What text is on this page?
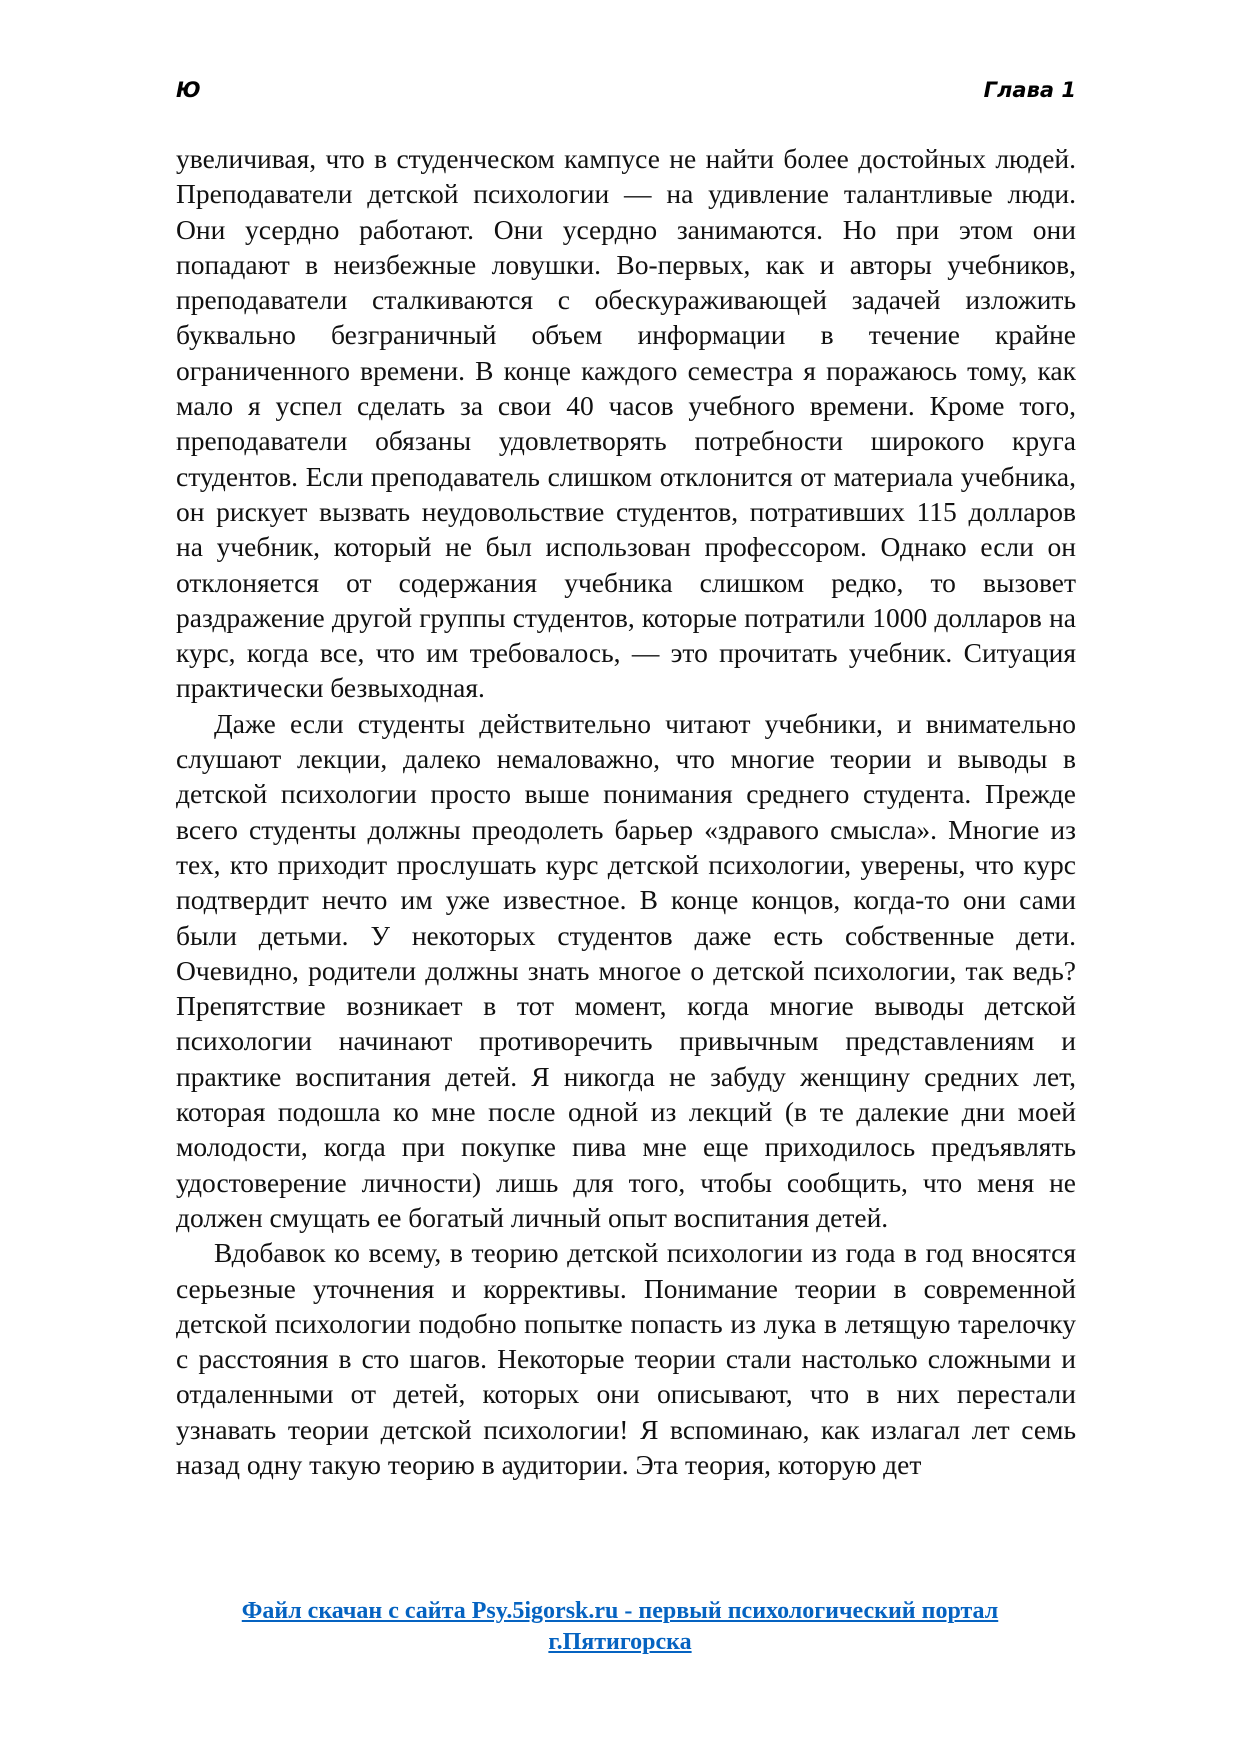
Ю	Глава 1

увеличивая, что в студенческом кампусе не найти более достойных людей. Преподаватели детской психологии — на удивление талантливые люди. Они усердно работают. Они усердно занимаются. Но при этом они попадают в неизбежные ловушки. Во-первых, как и авторы учебников, преподаватели сталкиваются с обескураживающей задачей изложить буквально безграничный объем информации в течение крайне ограниченного времени. В конце каждого семестра я поражаюсь тому, как мало я успел сделать за свои 40 часов учебного времени. Кроме того, преподаватели обязаны удовлетворять потребности широкого круга студентов. Если преподаватель слишком отклонится от материала учебника, он рискует вызвать неудовольствие студентов, потративших 115 долларов на учебник, который не был использован профессором. Однако если он отклоняется от содержания учебника слишком редко, то вызовет раздражение другой группы студентов, которые потратили 1000 долларов на курс, когда все, что им требовалось, — это прочитать учебник. Ситуация практически безвыходная.

Даже если студенты действительно читают учебники, и внимательно слушают лекции, далеко немаловажно, что многие теории и выводы в детской психологии просто выше понимания среднего студента. Прежде всего студенты должны преодолеть барьер «здравого смысла». Многие из тех, кто приходит прослушать курс детской психологии, уверены, что курс подтвердит нечто им уже известное. В конце концов, когда-то они сами были детьми. У некоторых студентов даже есть собственные дети. Очевидно, родители должны знать многое о детской психологии, так ведь? Препятствие возникает в тот момент, когда многие выводы детской психологии начинают противоречить привычным представлениям и практике воспитания детей. Я никогда не забуду женщину средних лет, которая подошла ко мне после одной из лекций (в те далекие дни моей молодости, когда при покупке пива мне еще приходилось предъявлять удостоверение личности) лишь для того, чтобы сообщить, что меня не должен смущать ее богатый личный опыт воспитания детей.

Вдобавок ко всему, в теорию детской психологии из года в год вносятся серьезные уточнения и коррективы. Понимание теории в современной детской психологии подобно попытке попасть из лука в летящую тарелочку с расстояния в сто шагов. Некоторые теории стали настолько сложными и отдаленными от детей, которых они описывают, что в них перестали узнавать теории детской психологии! Я вспоминаю, как излагал лет семь назад одну такую теорию в аудитории. Эта теория, которую дет

Файл скачан с сайта Psy.5igorsk.ru - первый психологический портал
г.Пятигорска
